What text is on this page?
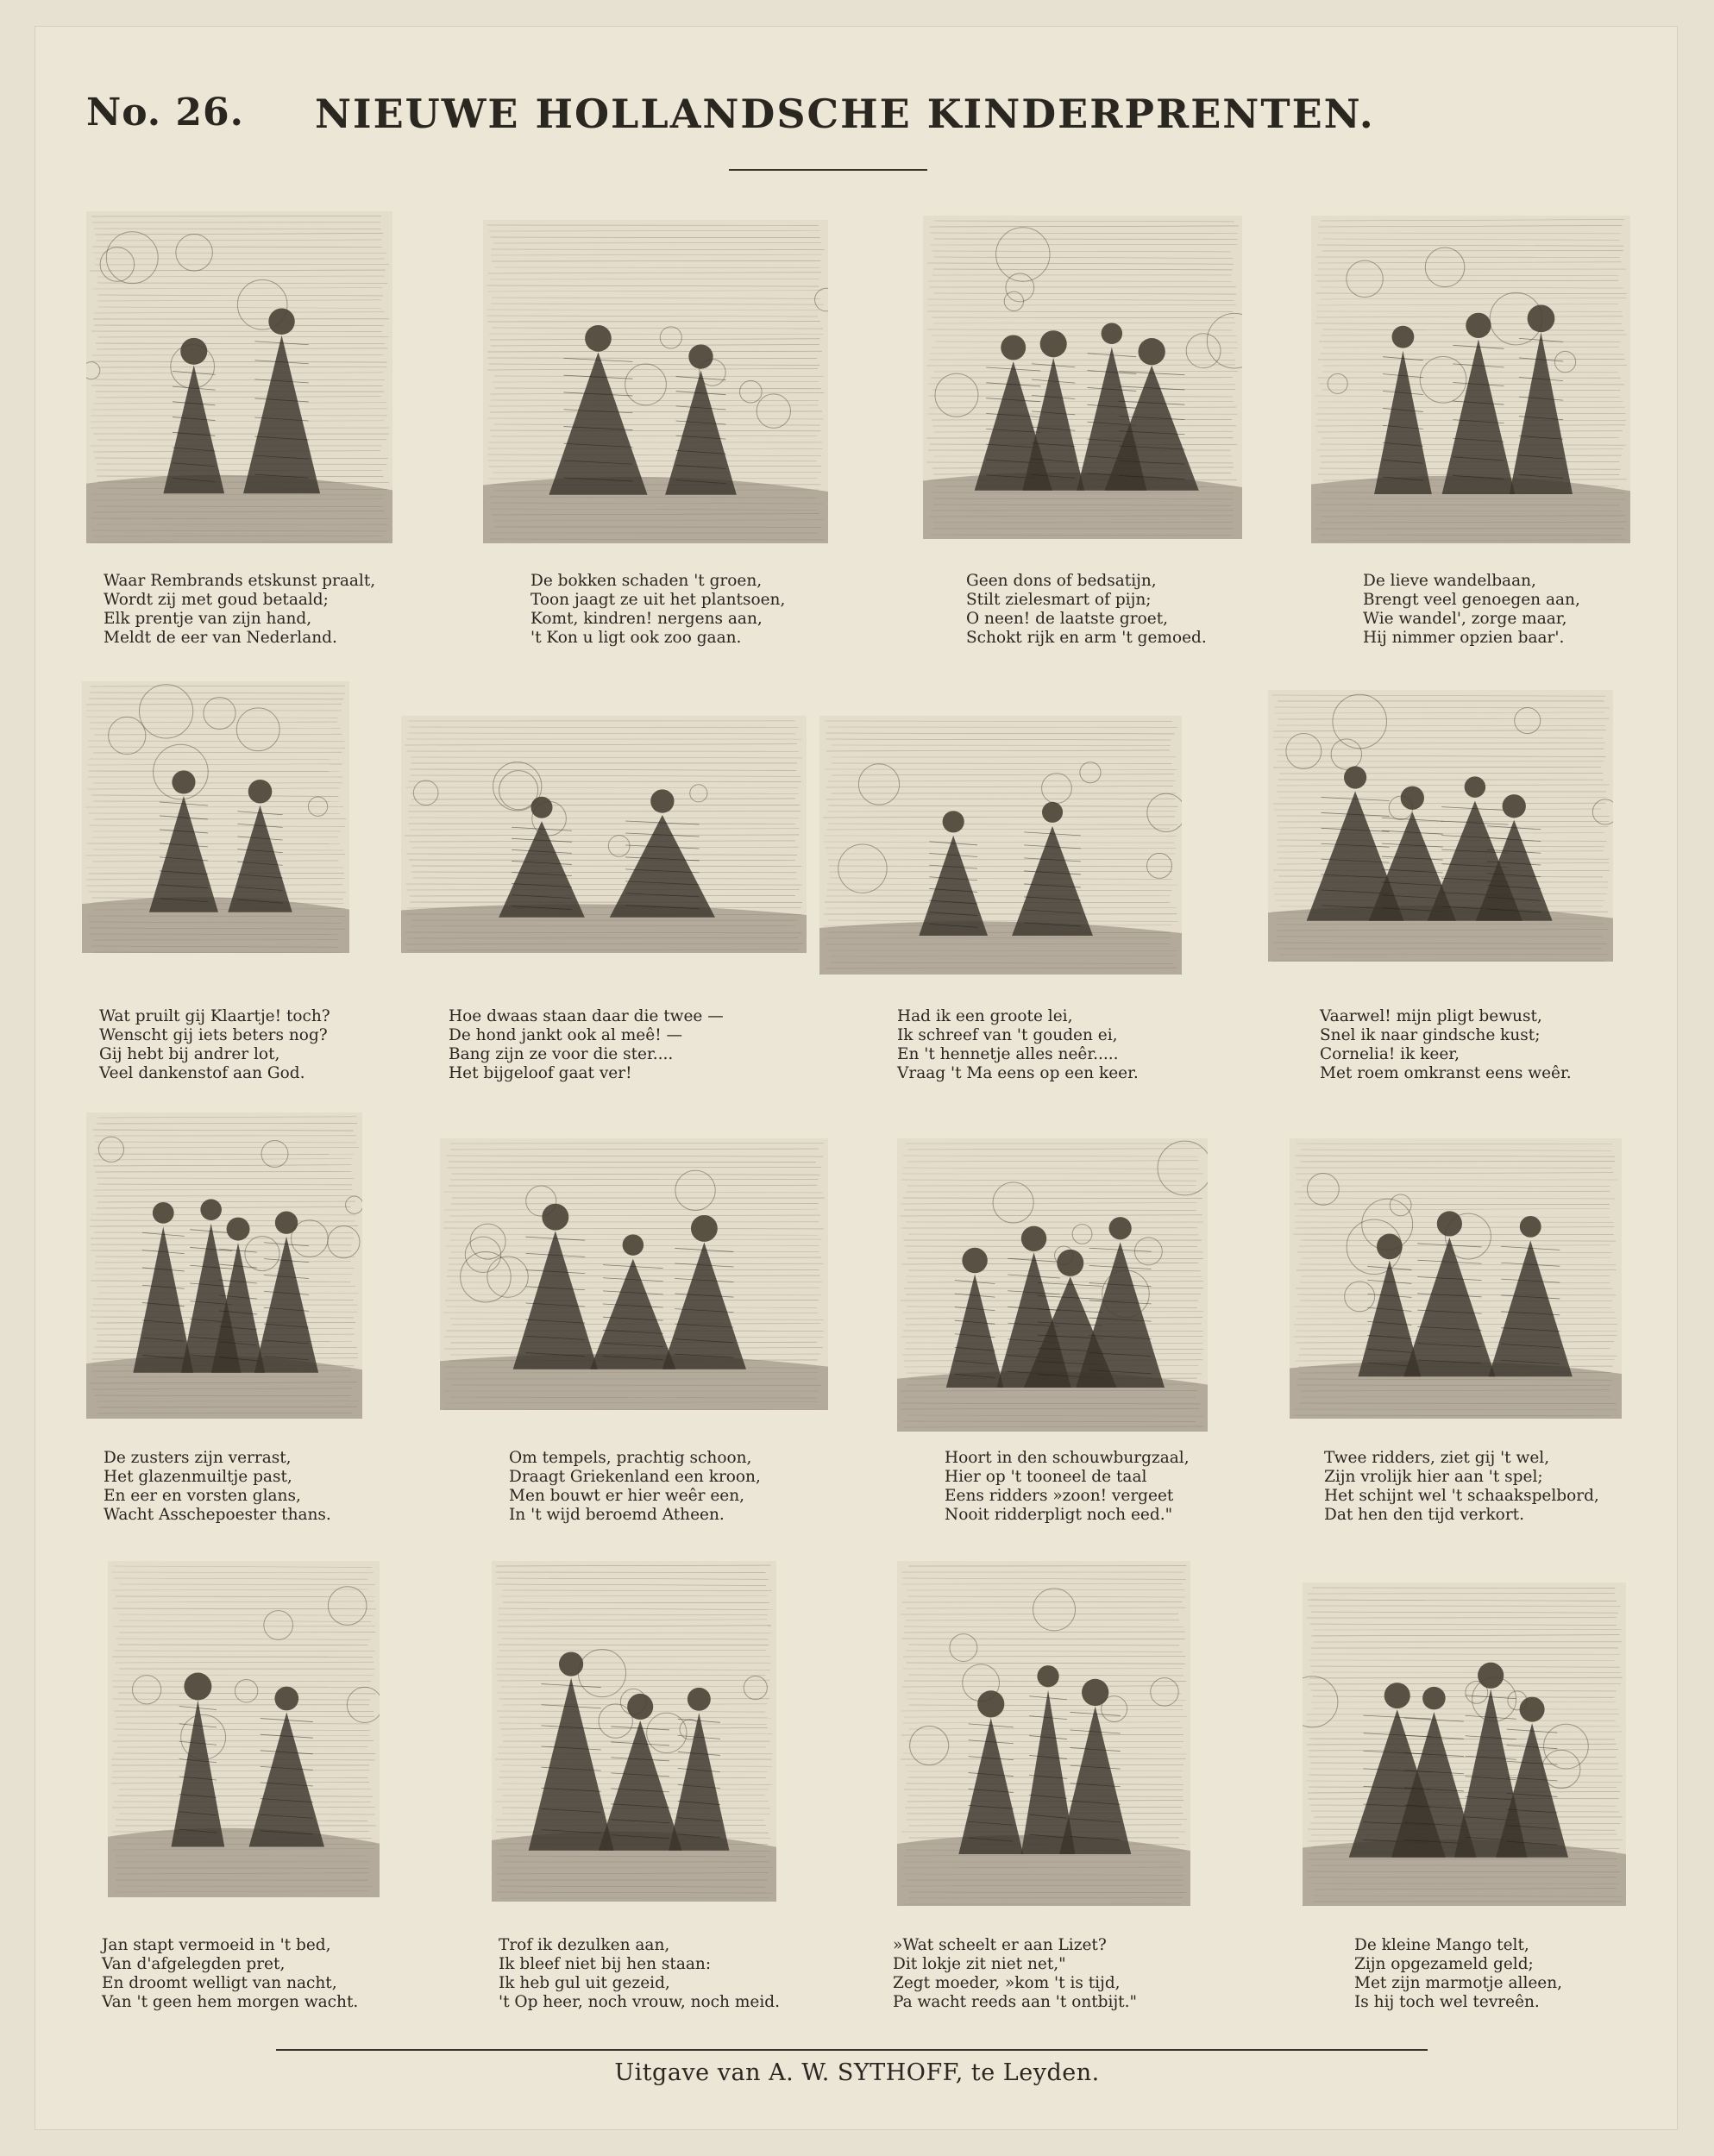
No. 26. NIEUWE HOLLANDSCHE KINDERPRENTEN.
Waar Rembrands etskunst praalt,
Wordt zij met goud betaald;
Elk prentje van zijn hand,
Meldt de eer van Nederland.
De bokken schaden 't groen,
Toon jaagt ze uit het plantsoen,
Komt, kindren! nergens aan,
't Kon u ligt ook zoo gaan.
Geen dons of bedsatijn,
Stilt zielesmart of pijn;
O neen! de laatste groet,
Schokt rijk en arm 't gemoed.
De lieve wandelbaan,
Brengt veel genoegen aan,
Wie wandel', zorge maar,
Hij nimmer opzien baar'.
Wat pruilt gij Klaartje! toch?
Wenscht gij iets beters nog?
Gij hebt bij andrer lot,
Veel dankenstof aan God.
Hoe dwaas staan daar die twee —
De hond jankt ook al meê! —
Bang zijn ze voor die ster....
Het bijgeloof gaat ver!
Had ik een groote lei,
Ik schreef van 't gouden ei,
En 't hennetje alles neêr.....
Vraag 't Ma eens op een keer.
Vaarwel! mijn pligt bewust,
Snel ik naar gindsche kust;
Cornelia! ik keer,
Met roem omkranst eens weêr.
De zusters zijn verrast,
Het glazenmuiltje past,
En eer en vorsten glans,
Wacht Asschepoester thans.
Om tempels, prachtig schoon,
Draagt Griekenland een kroon,
Men bouwt er hier weêr een,
In 't wijd beroemd Atheen.
Hoort in den schouwburgzaal,
Hier op 't tooneel de taal
Eens ridders »zoon! vergeet
Nooit ridderpligt noch eed."
Twee ridders, ziet gij 't wel,
Zijn vrolijk hier aan 't spel;
Het schijnt wel 't schaakspelbord,
Dat hen den tijd verkort.
Jan stapt vermoeid in 't bed,
Van d'afgelegden pret,
En droomt welligt van nacht,
Van 't geen hem morgen wacht.
Trof ik dezulken aan,
Ik bleef niet bij hen staan:
Ik heb gul uit gezeid,
't Op heer, noch vrouw, noch meid.
»Wat scheelt er aan Lizet?
Dit lokje zit niet net,"
Zegt moeder, »kom 't is tijd,
Pa wacht reeds aan 't ontbijt."
De kleine Mango telt,
Zijn opgezameld geld;
Met zijn marmotje alleen,
Is hij toch wel tevreên.
Uitgave van A. W. SYTHOFF, te Leyden.
